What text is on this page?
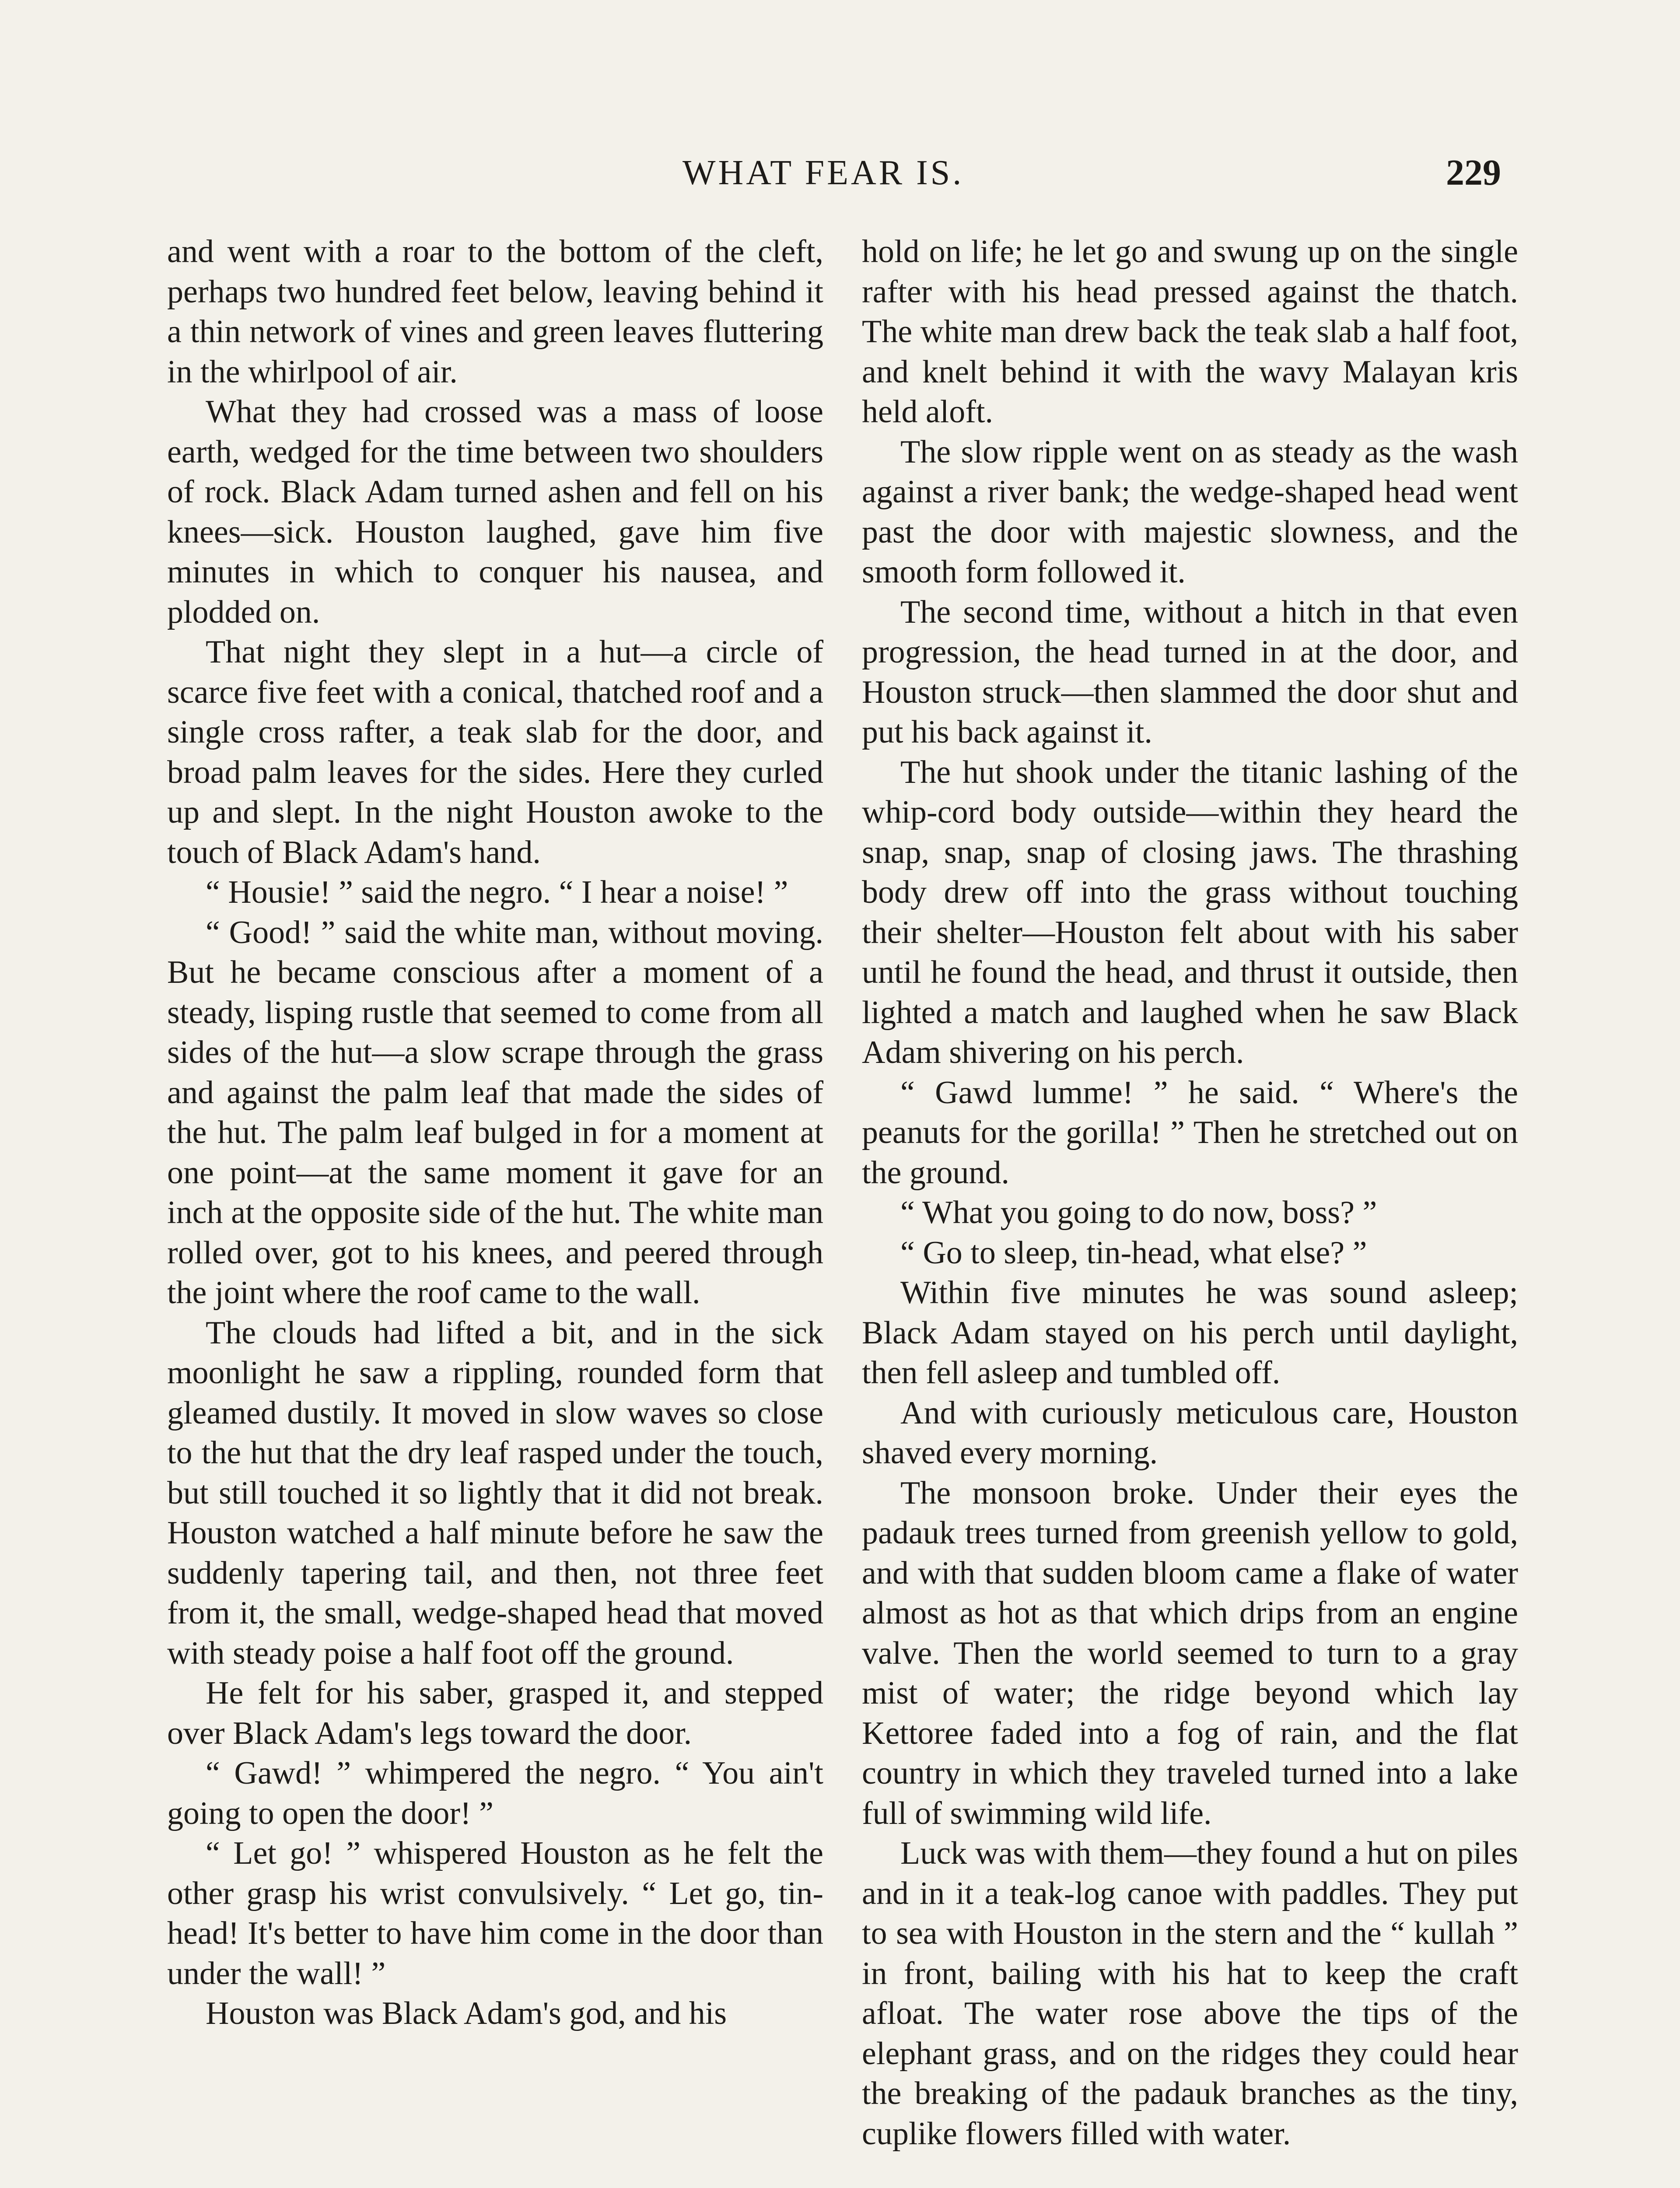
WHAT FEAR IS.	229

and went with a roar to the bottom of the cleft, perhaps two hundred feet below, leaving behind it a thin network of vines and green leaves fluttering in the whirlpool of air.

What they had crossed was a mass of loose earth, wedged for the time between two shoulders of rock. Black Adam turned ashen and fell on his knees—sick. Houston laughed, gave him five minutes in which to conquer his nausea, and plodded on.

That night they slept in a hut—a circle of scarce five feet with a conical, thatched roof and a single cross rafter, a teak slab for the door, and broad palm leaves for the sides. Here they curled up and slept. In the night Houston awoke to the touch of Black Adam's hand.

“ Housie! ” said the negro. “ I hear a noise! ”

“ Good! ” said the white man, without moving. But he became conscious after a moment of a steady, lisping rustle that seemed to come from all sides of the hut—a slow scrape through the grass and against the palm leaf that made the sides of the hut. The palm leaf bulged in for a moment at one point—at the same moment it gave for an inch at the opposite side of the hut. The white man rolled over, got to his knees, and peered through the joint where the roof came to the wall.

The clouds had lifted a bit, and in the sick moonlight he saw a rippling, rounded form that gleamed dustily. It moved in slow waves so close to the hut that the dry leaf rasped under the touch, but still touched it so lightly that it did not break. Houston watched a half minute before he saw the suddenly tapering tail, and then, not three feet from it, the small, wedge-shaped head that moved with steady poise a half foot off the ground.

He felt for his saber, grasped it, and stepped over Black Adam's legs toward the door.

“ Gawd! ” whimpered the negro. “ You ain't going to open the door! ”

“ Let go! ” whispered Houston as he felt the other grasp his wrist convulsively. “ Let go, tin-head! It's better to have him come in the door than under the wall! ”

Houston was Black Adam's god, and his

hold on life; he let go and swung up on the single rafter with his head pressed against the thatch. The white man drew back the teak slab a half foot, and knelt behind it with the wavy Malayan kris held aloft.

The slow ripple went on as steady as the wash against a river bank; the wedge-shaped head went past the door with majestic slowness, and the smooth form followed it.

The second time, without a hitch in that even progression, the head turned in at the door, and Houston struck—then slammed the door shut and put his back against it.

The hut shook under the titanic lashing of the whip-cord body outside—within they heard the snap, snap, snap of closing jaws. The thrashing body drew off into the grass without touching their shelter—Houston felt about with his saber until he found the head, and thrust it outside, then lighted a match and laughed when he saw Black Adam shivering on his perch.

“ Gawd lumme! ” he said. “ Where's the peanuts for the gorilla! ” Then he stretched out on the ground.

“ What you going to do now, boss? ”

“ Go to sleep, tin-head, what else? ”

Within five minutes he was sound asleep; Black Adam stayed on his perch until daylight, then fell asleep and tumbled off.

And with curiously meticulous care, Houston shaved every morning.

The monsoon broke. Under their eyes the padauk trees turned from greenish yellow to gold, and with that sudden bloom came a flake of water almost as hot as that which drips from an engine valve. Then the world seemed to turn to a gray mist of water; the ridge beyond which lay Kettoree faded into a fog of rain, and the flat country in which they traveled turned into a lake full of swimming wild life.

Luck was with them—they found a hut on piles and in it a teak-log canoe with paddles. They put to sea with Houston in the stern and the “ kullah ” in front, bailing with his hat to keep the craft afloat. The water rose above the tips of the elephant grass, and on the ridges they could hear the breaking of the padauk branches as the tiny, cuplike flowers filled with water.
